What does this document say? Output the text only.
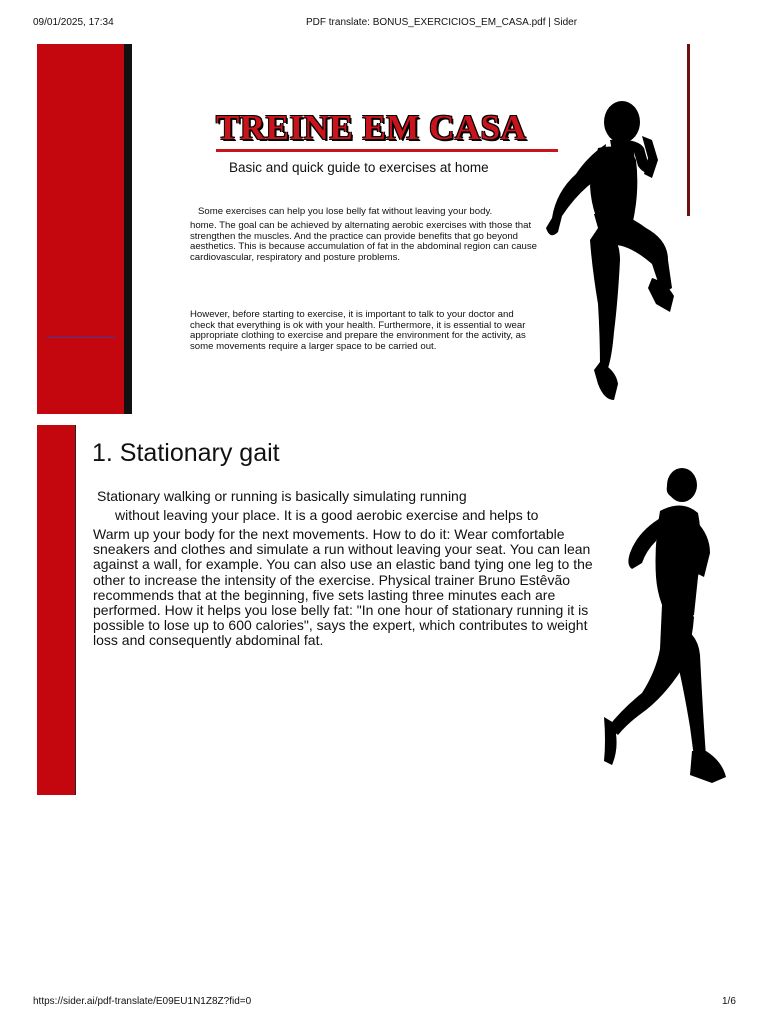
09/01/2025, 17:34	PDF translate: BONUS_EXERCICIOS_EM_CASA.pdf | Sider
TREINE EM CASA
Basic and quick guide to exercises at home
Some exercises can help you lose belly fat without leaving your body.
home. The goal can be achieved by alternating aerobic exercises with those that strengthen the muscles. And the practice can provide benefits that go beyond aesthetics. This is because accumulation of fat in the abdominal region can cause cardiovascular, respiratory and posture problems.
However, before starting to exercise, it is important to talk to your doctor and check that everything is ok with your health. Furthermore, it is essential to wear appropriate clothing to exercise and prepare the environment for the activity, as some movements require a larger space to be carried out.
1. Stationary gait
Stationary walking or running is basically simulating running
without leaving your place. It is a good aerobic exercise and helps to
Warm up your body for the next movements. How to do it: Wear comfortable sneakers and clothes and simulate a run without leaving your seat. You can lean against a wall, for example. You can also use an elastic band tying one leg to the other to increase the intensity of the exercise. Physical trainer Bruno Estêvão recommends that at the beginning, five sets lasting three minutes each are performed. How it helps you lose belly fat: "In one hour of stationary running it is possible to lose up to 600 calories", says the expert, which contributes to weight loss and consequently abdominal fat.
https://sider.ai/pdf-translate/E09EU1N1Z8Z?fid=0	1/6
